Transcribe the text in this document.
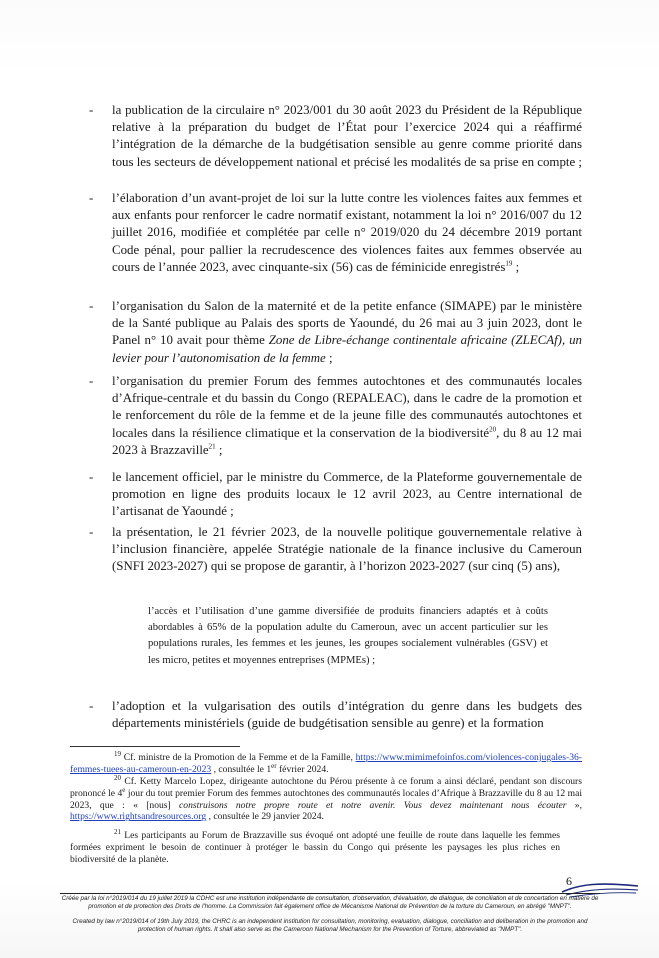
-	la publication de la circulaire n° 2023/001 du 30 août 2023 du Président de la République relative à la préparation du budget de l’État pour l’exercice 2024 qui a réaffirmé l’intégration de la démarche de la budgétisation sensible au genre comme priorité dans tous les secteurs de développement national et précisé les modalités de sa prise en compte ;

-	l’élaboration d’un avant-projet de loi sur la lutte contre les violences faites aux femmes et aux enfants pour renforcer le cadre normatif existant, notamment la loi n° 2016/007 du 12 juillet 2016, modifiée et complétée par celle n° 2019/020 du 24 décembre 2019 portant Code pénal, pour pallier la recrudescence des violences faites aux femmes observée au cours de l’année 2023, avec cinquante-six (56) cas de féminicide enregistrés$^{19}$ ;

-	l’organisation du Salon de la maternité et de la petite enfance (SIMAPE) par le ministère de la Santé publique au Palais des sports de Yaoundé, du 26 mai au 3 juin 2023, dont le Panel n° 10 avait pour thème Zone de Libre-échange continentale africaine (ZLECAf), un levier pour l’autonomisation de la femme ;

-	l’organisation du premier Forum des femmes autochtones et des communautés locales d’Afrique-centrale et du bassin du Congo (REPALEAC), dans le cadre de la promotion et le renforcement du rôle de la femme et de la jeune fille des communautés autochtones et locales dans la résilience climatique et la conservation de la biodiversité$^{20}$, du 8 au 12 mai 2023 à Brazzaville$^{21}$ ;

-	le lancement officiel, par le ministre du Commerce, de la Plateforme gouvernementale de promotion en ligne des produits locaux le 12 avril 2023, au Centre international de l’artisanat de Yaoundé ;

-	la présentation, le 21 février 2023, de la nouvelle politique gouvernementale relative à l’inclusion financière, appelée Stratégie nationale de la finance inclusive du Cameroun (SNFI 2023-2027) qui se propose de garantir, à l’horizon 2023-2027 (sur cinq (5) ans),

l’accès et l’utilisation d’une gamme diversifiée de produits financiers adaptés et à coûts abordables à 65% de la population adulte du Cameroun, avec un accent particulier sur les populations rurales, les femmes et les jeunes, les groupes socialement vulnérables (GSV) et les micro, petites et moyennes entreprises (MPMEs) ;

-	l’adoption et la vulgarisation des outils d’intégration du genre dans les budgets des départements ministériels (guide de budgétisation sensible au genre) et la formation

$^{19}$ Cf. ministre de la Promotion de la Femme et de la Famille, https://www.mimimefoinfos.com/violences-conjugales-36-femmes-tuees-au-cameroun-en-2023 , consultée le 1er février 2024.

$^{20}$ Cf. Ketty Marcelo Lopez, dirigeante autochtone du Pérou présente à ce forum a ainsi déclaré, pendant son discours prononcé le 4e jour du tout premier Forum des femmes autochtones des communautés locales d’Afrique à Brazzaville du 8 au 12 mai 2023, que : « [nous] construisons notre propre route et notre avenir. Vous devez maintenant nous écouter », https://www.rightsandresources.org , consultée le 29 janvier 2024.

$^{21}$ Les participants au Forum de Brazzaville sus évoqué ont adopté une feuille de route dans laquelle les femmes formées expriment le besoin de continuer à protéger le bassin du Congo qui présente les paysages les plus riches en biodiversité de la planète.

6

Créée par la loi n°2019/014 du 19 juillet 2019 la CDHC est une institution indépendante de consultation, d'observation, d'évaluation, de dialogue, de conciliation et de concertation en matière de promotion et de protection des Droits de l'homme. La Commission fait également office de Mécanisme National de Prévention de la torture du Cameroun, en abrégé "MNPT".

Created by law n°2019/014 of 19th July 2019, the CHRC is an independent institution for consultation, monitoring, evaluation, dialogue, conciliation and deliberation in the promotion and protection of human rights. It shall also serve as the Cameroon National Mechanism for the Prevention of Torture, abbreviated as "NMPT".
